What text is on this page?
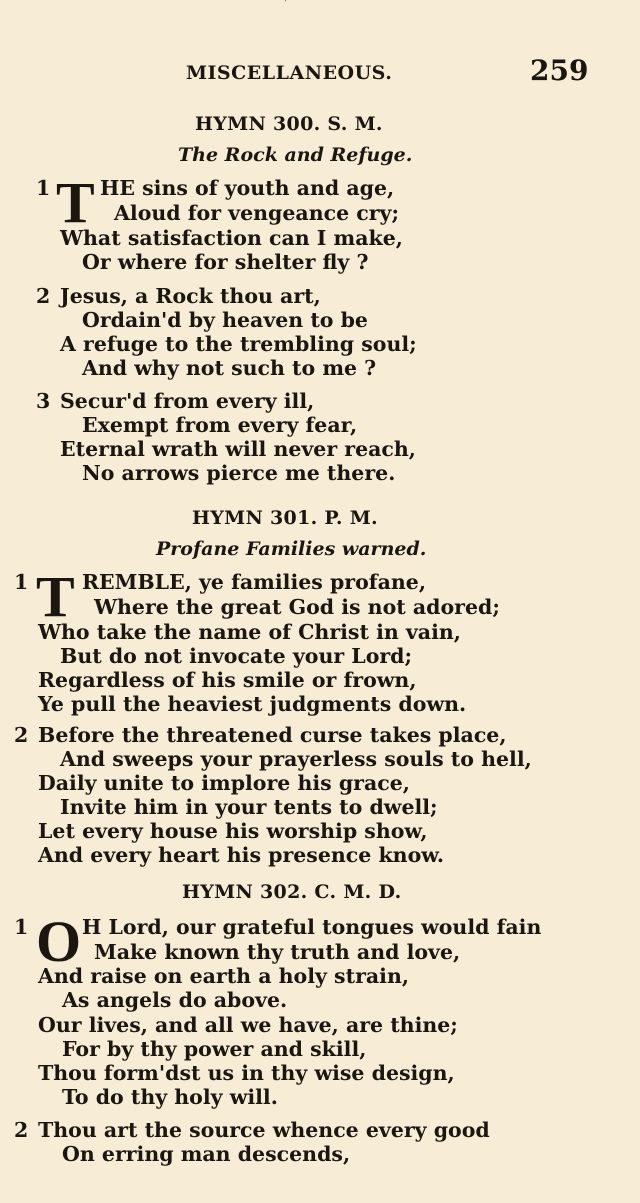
'
MISCELLANEOUS.	259
HYMN 300. S. M.
The Rock and Refuge.
1 T HE sins of youth and age,
Aloud for vengeance cry;
What satisfaction can I make,
Or where for shelter fly ?
2 Jesus, a Rock thou art,
Ordain'd by heaven to be
A refuge to the trembling soul;
And why not such to me ?
3 Secur'd from every ill,
Exempt from every fear,
Eternal wrath will never reach,
No arrows pierce me there.
HYMN 301. P. M.
Profane Families warned.
1 T REMBLE, ye families profane,
Where the great God is not adored;
Who take the name of Christ in vain,
But do not invocate your Lord;
Regardless of his smile or frown,
Ye pull the heaviest judgments down.
2 Before the threatened curse takes place,
And sweeps your prayerless souls to hell,
Daily unite to implore his grace,
Invite him in your tents to dwell;
Let every house his worship show,
And every heart his presence know.
HYMN 302. C. M. D.
1 O H Lord, our grateful tongues would fain
Make known thy truth and love,
And raise on earth a holy strain,
As angels do above.
Our lives, and all we have, are thine;
For by thy power and skill,
Thou form'dst us in thy wise design,
To do thy holy will.
2 Thou art the source whence every good
On erring man descends,
